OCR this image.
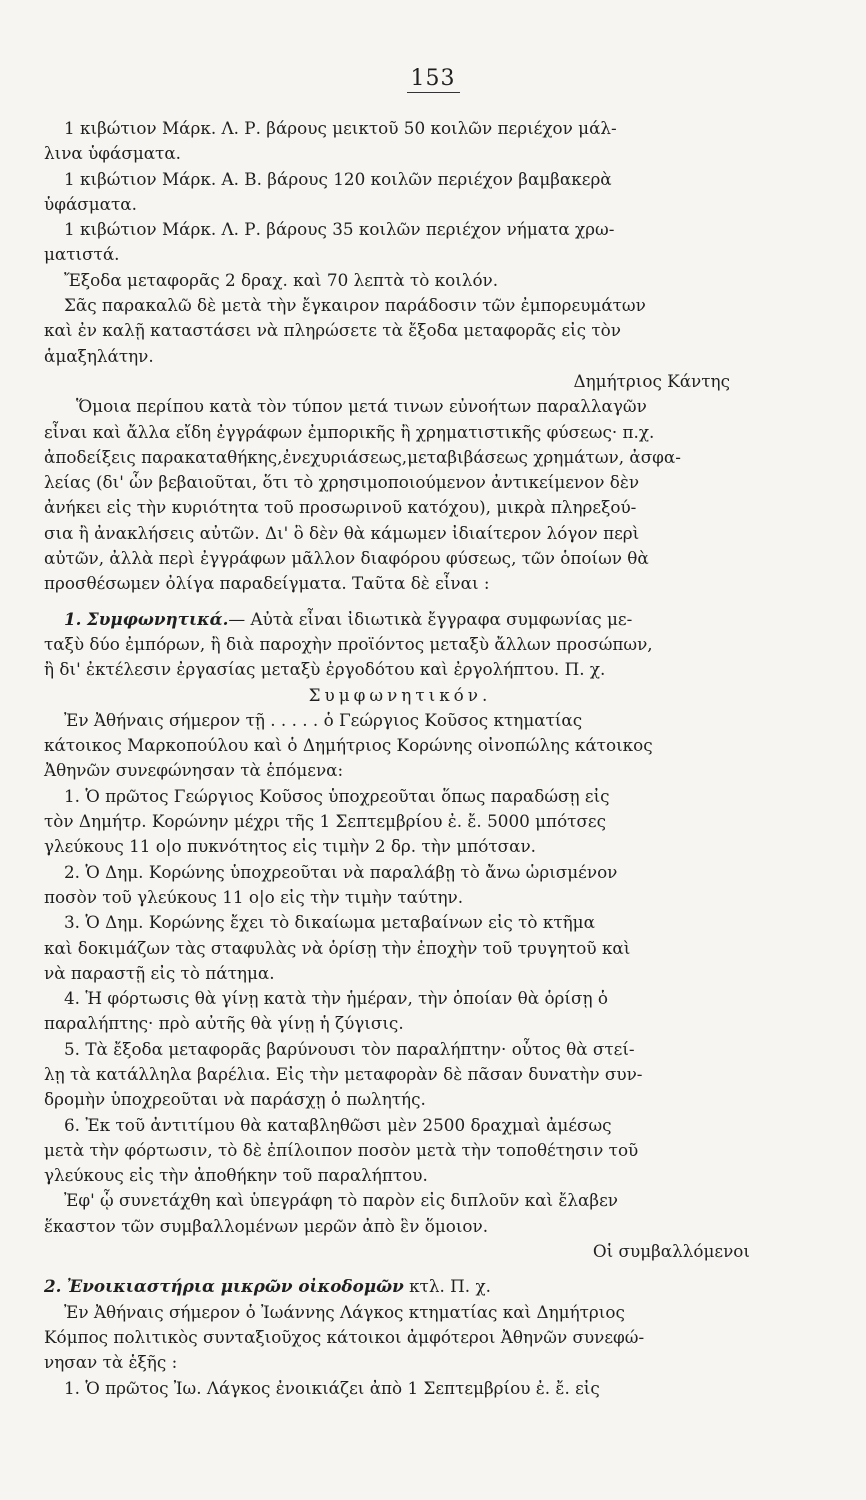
153
1 κιβώτιον Μάρκ. Λ. Ρ. βάρους μεικτοῦ 50 κοιλῶν περιέχον μάλ-
λινα ὑφάσματα.
1 κιβώτιον Μάρκ. Α. Β. βάρους 120 κοιλῶν περιέχον βαμβακερὰ
ὑφάσματα.
1 κιβώτιον Μάρκ. Λ. Ρ. βάρους 35 κοιλῶν περιέχον νήματα χρω-
ματιστά.
Ἔξοδα μεταφορᾶς 2 δραχ. καὶ 70 λεπτὰ τὸ κοιλόν.
Σᾶς παρακαλῶ δὲ μετὰ τὴν ἔγκαιρον παράδοσιν τῶν ἐμπορευμάτων
καὶ ἐν καλῇ καταστάσει νὰ πληρώσετε τὰ ἔξοδα μεταφορᾶς εἰς τὸν
ἁμαξηλάτην.
Δημήτριος Κάντης
Ὅμοια περίπου κατὰ τὸν τύπον μετά τινων εὐνοήτων παραλλαγῶν
εἶναι καὶ ἄλλα εἴδη ἐγγράφων ἐμπορικῆς ἢ χρηματιστικῆς φύσεως· π.χ.
ἀποδείξεις παρακαταθήκης,ἐνεχυριάσεως,μεταβιβάσεως χρημάτων, ἀσφα-
λείας (δι' ὧν βεβαιοῦται, ὅτι τὸ χρησιμοποιούμενον ἀντικείμενον δὲν
ἀνήκει εἰς τὴν κυριότητα τοῦ προσωρινοῦ κατόχου), μικρὰ πληρεξού-
σια ἢ ἀνακλήσεις αὐτῶν. Δι' ὃ δὲν θὰ κάμωμεν ἰδιαίτερον λόγον περὶ
αὐτῶν, ἀλλὰ περὶ ἐγγράφων μᾶλλον διαφόρου φύσεως, τῶν ὁποίων θὰ
προσθέσωμεν ὀλίγα παραδείγματα. Ταῦτα δὲ εἶναι :
1. Συμφωνητικά.— Αὐτὰ εἶναι ἰδιωτικὰ ἔγγραφα συμφωνίας με-
ταξὺ δύο ἐμπόρων, ἢ διὰ παροχὴν προϊόντος μεταξὺ ἄλλων προσώπων,
ἢ δι' ἐκτέλεσιν ἐργασίας μεταξὺ ἐργοδότου καὶ ἐργολήπτου. Π. χ.
Συμφωνητικόν.
Ἐν Ἀθήναις σήμερον τῇ . . . . . ὁ Γεώργιος Κοῦσος κτηματίας
κάτοικος Μαρκοπούλου καὶ ὁ Δημήτριος Κορώνης οἰνοπώλης κάτοικος
Ἀθηνῶν συνεφώνησαν τὰ ἑπόμενα:
1. Ὁ πρῶτος Γεώργιος Κοῦσος ὑποχρεοῦται ὅπως παραδώσῃ εἰς
τὸν Δημήτρ. Κορώνην μέχρι τῆς 1 Σεπτεμβρίου ἐ. ἔ. 5000 μπότσες
γλεύκους 11 ο|ο πυκνότητος εἰς τιμὴν 2 δρ. τὴν μπότσαν.
2. Ὁ Δημ. Κορώνης ὑποχρεοῦται νὰ παραλάβῃ τὸ ἄνω ὡρισμένον
ποσὸν τοῦ γλεύκους 11 ο|ο εἰς τὴν τιμὴν ταύτην.
3. Ὁ Δημ. Κορώνης ἔχει τὸ δικαίωμα μεταβαίνων εἰς τὸ κτῆμα
καὶ δοκιμάζων τὰς σταφυλὰς νὰ ὁρίσῃ τὴν ἐποχὴν τοῦ τρυγητοῦ καὶ
νὰ παραστῇ εἰς τὸ πάτημα.
4. Ἡ φόρτωσις θὰ γίνῃ κατὰ τὴν ἡμέραν, τὴν ὁποίαν θὰ ὁρίσῃ ὁ
παραλήπτης· πρὸ αὐτῆς θὰ γίνῃ ἡ ζύγισις.
5. Τὰ ἔξοδα μεταφορᾶς βαρύνουσι τὸν παραλήπτην· οὗτος θὰ στεί-
λῃ τὰ κατάλληλα βαρέλια. Εἰς τὴν μεταφορὰν δὲ πᾶσαν δυνατὴν συν-
δρομὴν ὑποχρεοῦται νὰ παράσχῃ ὁ πωλητής.
6. Ἐκ τοῦ ἀντιτίμου θὰ καταβληθῶσι μὲν 2500 δραχμαὶ ἀμέσως
μετὰ τὴν φόρτωσιν, τὸ δὲ ἐπίλοιπον ποσὸν μετὰ τὴν τοποθέτησιν τοῦ
γλεύκους εἰς τὴν ἀποθήκην τοῦ παραλήπτου.
Ἐφ' ᾧ συνετάχθη καὶ ὑπεγράφη τὸ παρὸν εἰς διπλοῦν καὶ ἔλαβεν
ἕκαστον τῶν συμβαλλομένων μερῶν ἀπὸ ἓν ὅμοιον.
Οἱ συμβαλλόμενοι
2. Ἐνοικιαστήρια μικρῶν οἰκοδομῶν κτλ. Π. χ.
Ἐν Ἀθήναις σήμερον ὁ Ἰωάννης Λάγκος κτηματίας καὶ Δημήτριος
Κόμπος πολιτικὸς συνταξιοῦχος κάτοικοι ἀμφότεροι Ἀθηνῶν συνεφώ-
νησαν τὰ ἑξῆς :
1. Ὁ πρῶτος Ἰω. Λάγκος ἐνοικιάζει ἀπὸ 1 Σεπτεμβρίου ἐ. ἔ. εἰς
